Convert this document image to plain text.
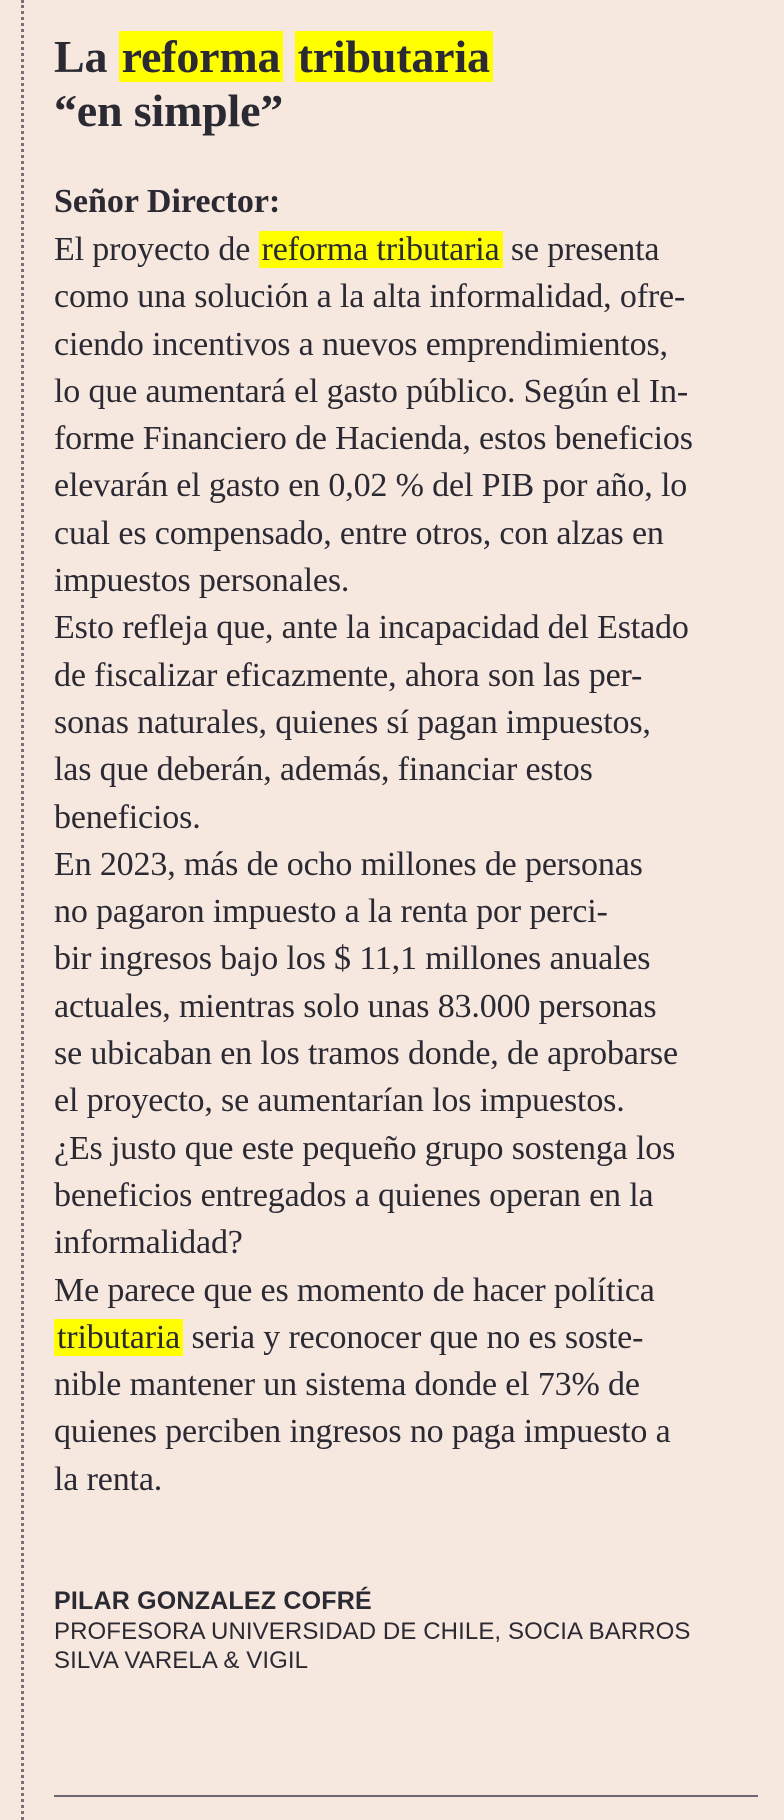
La reforma tributaria
“en simple”

Señor Director:

El proyecto de reforma tributaria se presenta
como una solución a la alta informalidad, ofre-
ciendo incentivos a nuevos emprendimientos,
lo que aumentará el gasto público. Según el In-
forme Financiero de Hacienda, estos beneficios
elevarán el gasto en 0,02 % del PIB por año, lo
cual es compensado, entre otros, con alzas en
impuestos personales.
Esto refleja que, ante la incapacidad del Estado
de fiscalizar eficazmente, ahora son las per-
sonas naturales, quienes sí pagan impuestos,
las que deberán, además, financiar estos
beneficios.
En 2023, más de ocho millones de personas
no pagaron impuesto a la renta por perci-
bir ingresos bajo los $ 11,1 millones anuales
actuales, mientras solo unas 83.000 personas
se ubicaban en los tramos donde, de aprobarse
el proyecto, se aumentarían los impuestos.
¿Es justo que este pequeño grupo sostenga los
beneficios entregados a quienes operan en la
informalidad?
Me parece que es momento de hacer política
tributaria seria y reconocer que no es soste-
nible mantener un sistema donde el 73% de
quienes perciben ingresos no paga impuesto a
la renta.
PILAR GONZALEZ COFRÉ
PROFESORA UNIVERSIDAD DE CHILE, SOCIA BARROS
SILVA VARELA & VIGIL
